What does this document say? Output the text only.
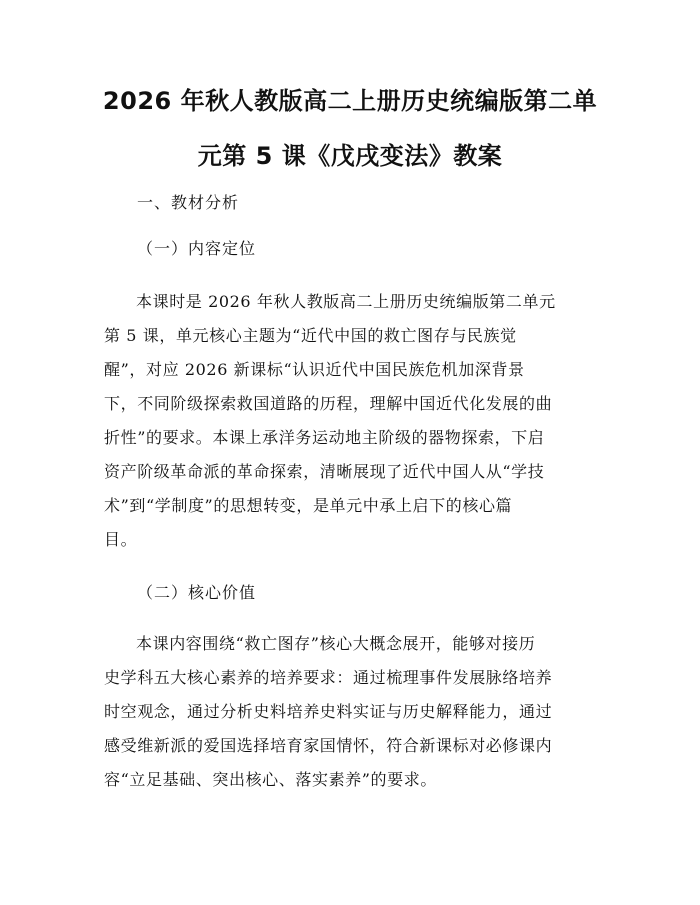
2026 年秋人教版高二上册历史统编版第二单
元第 5 课《戊戌变法》教案
一、教材分析
（一）内容定位
本课时是 2026 年秋人教版高二上册历史统编版第二单元
第 5 课，单元核心主题为“近代中国的救亡图存与民族觉
醒”，对应 2026 新课标“认识近代中国民族危机加深背景
下，不同阶级探索救国道路的历程，理解中国近代化发展的曲
折性”的要求。本课上承洋务运动地主阶级的器物探索，下启
资产阶级革命派的革命探索，清晰展现了近代中国人从“学技
术”到“学制度”的思想转变，是单元中承上启下的核心篇
目。
（二）核心价值
本课内容围绕“救亡图存”核心大概念展开，能够对接历
史学科五大核心素养的培养要求：通过梳理事件发展脉络培养
时空观念，通过分析史料培养史料实证与历史解释能力，通过
感受维新派的爱国选择培育家国情怀，符合新课标对必修课内
容“立足基础、突出核心、落实素养”的要求。
